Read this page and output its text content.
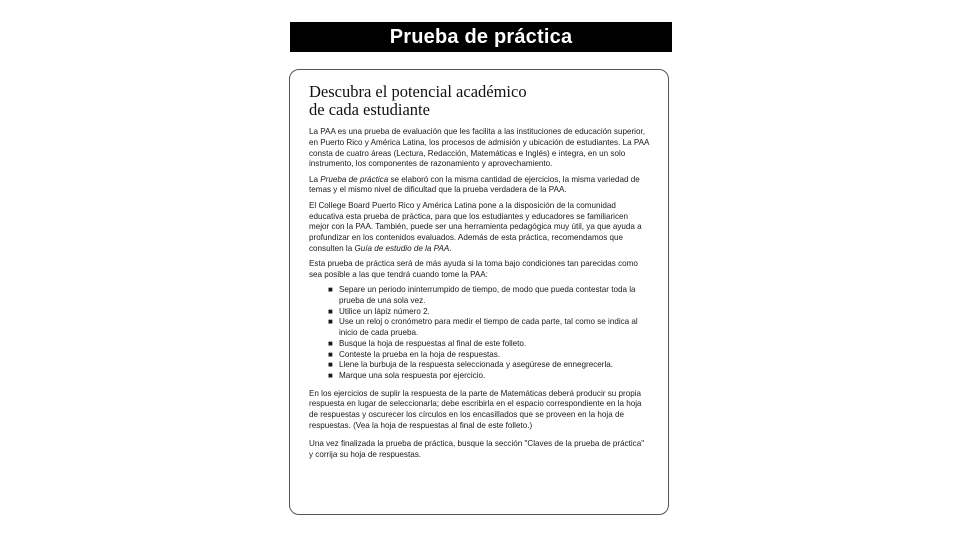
Prueba de práctica
Descubra el potencial académico
de cada estudiante

La PAA es una prueba de evaluación que les facilita a las instituciones de educación superior, en Puerto Rico y América Latina, los procesos de admisión y ubicación de estudiantes. La PAA consta de cuatro áreas (Lectura, Redacción, Matemáticas e Inglés) e integra, en un solo instrumento, los componentes de razonamiento y aprovechamiento.

La Prueba de práctica se elaboró con la misma cantidad de ejercicios, la misma variedad de temas y el mismo nivel de dificultad que la prueba verdadera de la PAA.

El College Board Puerto Rico y América Latina pone a la disposición de la comunidad educativa esta prueba de práctica, para que los estudiantes y educadores se familiaricen mejor con la PAA. También, puede ser una herramienta pedagógica muy útil, ya que ayuda a profundizar en los contenidos evaluados. Además de esta práctica, recomendamos que consulten la Guía de estudio de la PAA.

Esta prueba de práctica será de más ayuda si la toma bajo condiciones tan parecidas como sea posible a las que tendrá cuando tome la PAA:

■ Separe un periodo ininterrumpido de tiempo, de modo que pueda contestar toda la prueba de una sola vez.
■ Utilice un lápiz número 2.
■ Use un reloj o cronómetro para medir el tiempo de cada parte, tal como se indica al inicio de cada prueba.
■ Busque la hoja de respuestas al final de este folleto.
■ Conteste la prueba en la hoja de respuestas.
■ Llene la burbuja de la respuesta seleccionada y asegúrese de ennegrecerla.
■ Marque una sola respuesta por ejercicio.

En los ejercicios de suplir la respuesta de la parte de Matemáticas deberá producir su propia respuesta en lugar de seleccionarla; debe escribirla en el espacio correspondiente en la hoja de respuestas y oscurecer los círculos en los encasillados que se proveen en la hoja de respuestas. (Vea la hoja de respuestas al final de este folleto.)

Una vez finalizada la prueba de práctica, busque la sección "Claves de la prueba de práctica" y corrija su hoja de respuestas.
